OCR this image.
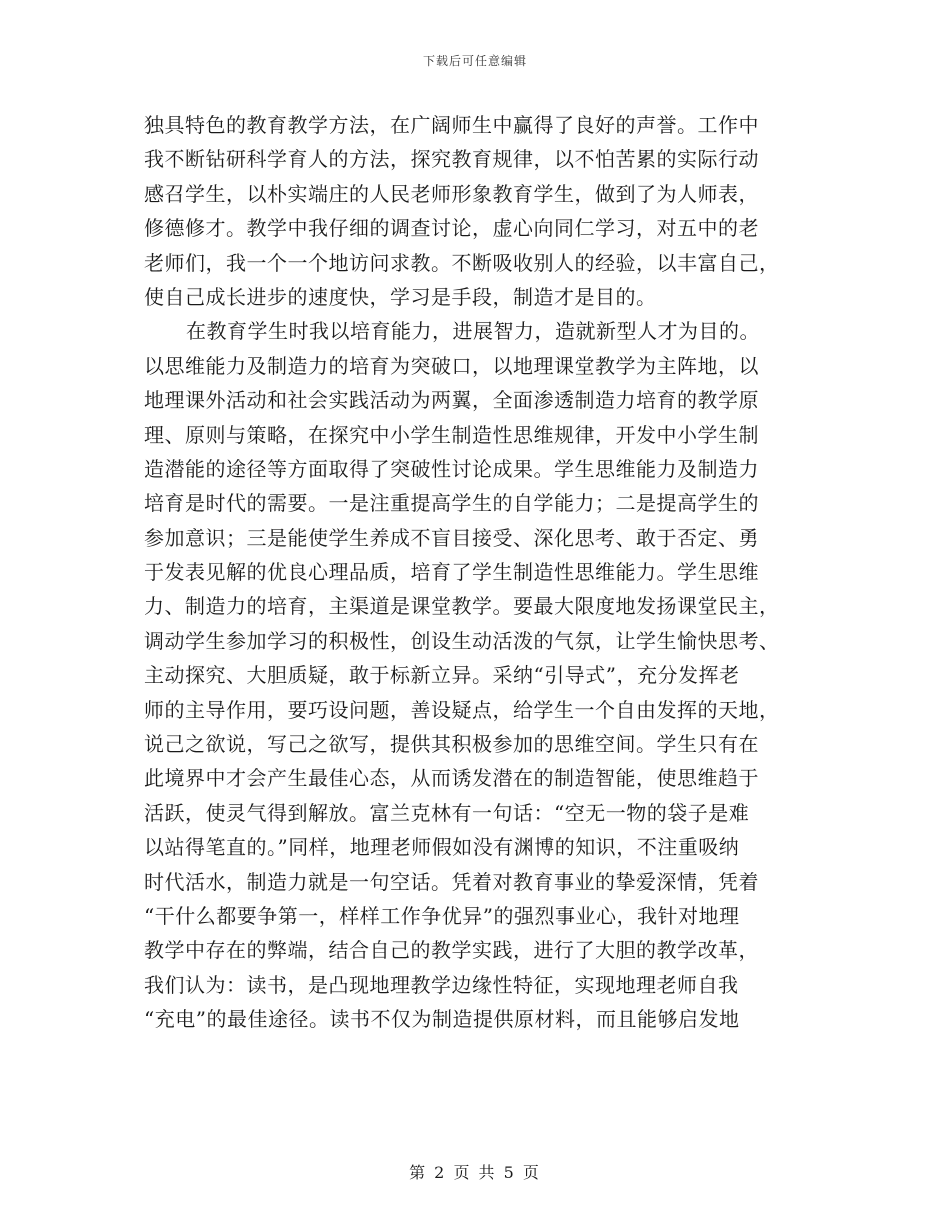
下载后可任意编辑
独具特色的教育教学方法，在广阔师生中赢得了良好的声誉。工作中
我不断钻研科学育人的方法，探究教育规律，以不怕苦累的实际行动
感召学生，以朴实端庄的人民老师形象教育学生，做到了为人师表，
修德修才。教学中我仔细的调查讨论，虚心向同仁学习，对五中的老
老师们，我一个一个地访问求教。不断吸收别人的经验，以丰富自己，
使自己成长进步的速度快，学习是手段，制造才是目的。
在教育学生时我以培育能力，进展智力，造就新型人才为目的。
以思维能力及制造力的培育为突破口，以地理课堂教学为主阵地，以
地理课外活动和社会实践活动为两翼，全面渗透制造力培育的教学原
理、原则与策略，在探究中小学生制造性思维规律，开发中小学生制
造潜能的途径等方面取得了突破性讨论成果。学生思维能力及制造力
培育是时代的需要。一是注重提高学生的自学能力；二是提高学生的
参加意识；三是能使学生养成不盲目接受、深化思考、敢于否定、勇
于发表见解的优良心理品质，培育了学生制造性思维能力。学生思维
力、制造力的培育，主渠道是课堂教学。要最大限度地发扬课堂民主，
调动学生参加学习的积极性，创设生动活泼的气氛，让学生愉快思考、
主动探究、大胆质疑，敢于标新立异。采纳“引导式”，充分发挥老
师的主导作用，要巧设问题，善设疑点，给学生一个自由发挥的天地，
说己之欲说，写己之欲写，提供其积极参加的思维空间。学生只有在
此境界中才会产生最佳心态，从而诱发潜在的制造智能，使思维趋于
活跃，使灵气得到解放。富兰克林有一句话：“空无一物的袋子是难
以站得笔直的。”同样，地理老师假如没有渊博的知识，不注重吸纳
时代活水，制造力就是一句空话。凭着对教育事业的挚爱深情，凭着
“干什么都要争第一，样样工作争优异”的强烈事业心，我针对地理
教学中存在的弊端，结合自己的教学实践，进行了大胆的教学改革，
我们认为：读书，是凸现地理教学边缘性特征，实现地理老师自我
“充电”的最佳途径。读书不仅为制造提供原材料，而且能够启发地
第 2 页 共 5 页
